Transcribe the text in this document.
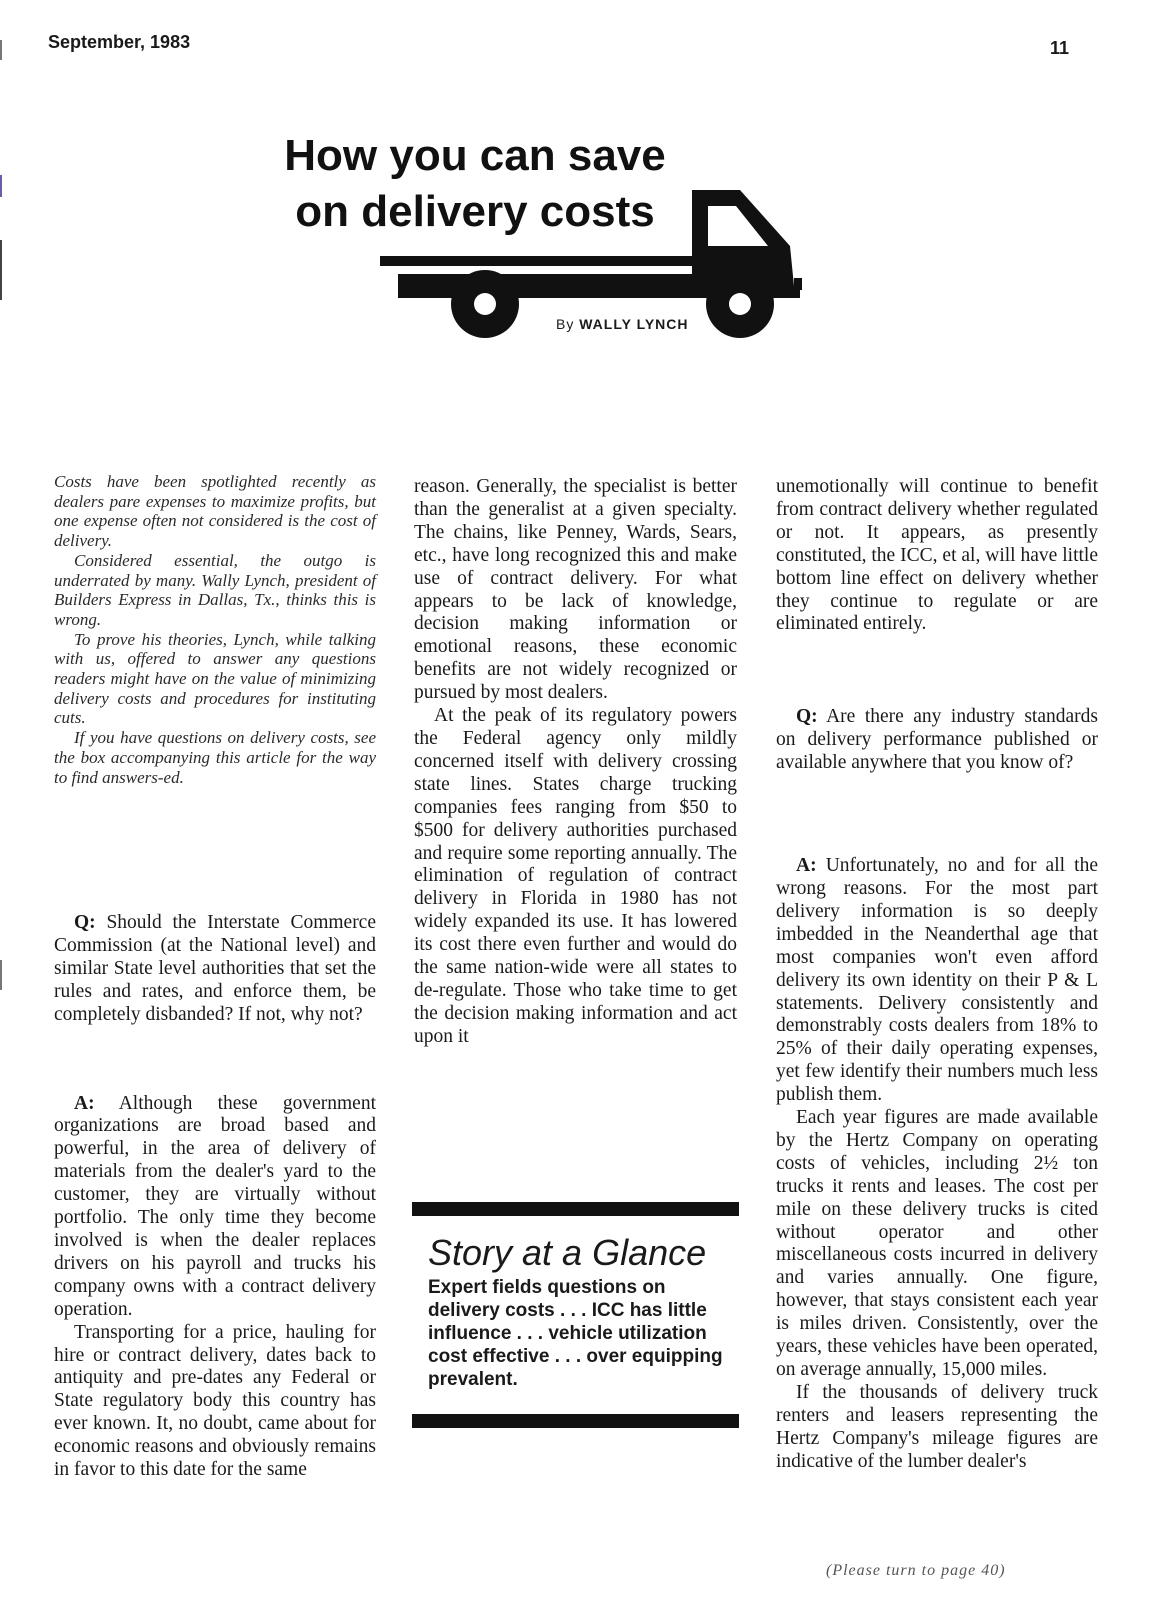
September, 1983	11
How you can save
on delivery costs
By WALLY LYNCH

Costs have been spotlighted recently as dealers pare expenses to maximize profits, but one expense often not considered is the cost of delivery.

Considered essential, the outgo is underrated by many. Wally Lynch, president of Builders Express in Dallas, Tx., thinks this is wrong.

To prove his theories, Lynch, while talking with us, offered to answer any questions readers might have on the value of minimizing delivery costs and procedures for instituting cuts.

If you have questions on delivery costs, see the box accompanying this article for the way to find answers-ed.

Q: Should the Interstate Commerce Commission (at the National level) and similar State level authorities that set the rules and rates, and enforce them, be completely disbanded? If not, why not?

A: Although these government organizations are broad based and powerful, in the area of delivery of materials from the dealer's yard to the customer, they are virtually without portfolio. The only time they become involved is when the dealer replaces drivers on his payroll and trucks his company owns with a contract delivery operation.

Transporting for a price, hauling for hire or contract delivery, dates back to antiquity and pre-dates any Federal or State regulatory body this country has ever known. It, no doubt, came about for economic reasons and obviously remains in favor to this date for the same

reason. Generally, the specialist is better than the generalist at a given specialty. The chains, like Penney, Wards, Sears, etc., have long recognized this and make use of contract delivery. For what appears to be lack of knowledge, decision making information or emotional reasons, these economic benefits are not widely recognized or pursued by most dealers.

At the peak of its regulatory powers the Federal agency only mildly concerned itself with delivery crossing state lines. States charge trucking companies fees ranging from $50 to $500 for delivery authorities purchased and require some reporting annually. The elimination of regulation of contract delivery in Florida in 1980 has not widely expanded its use. It has lowered its cost there even further and would do the same nation-wide were all states to de-regulate. Those who take time to get the decision making information and act upon it

Story at a Glance
Expert fields questions on delivery costs . . . ICC has little influence . . . vehicle utilization cost effective . . . over equipping prevalent.

unemotionally will continue to benefit from contract delivery whether regulated or not. It appears, as presently constituted, the ICC, et al, will have little bottom line effect on delivery whether they continue to regulate or are eliminated entirely.

Q: Are there any industry standards on delivery performance published or available anywhere that you know of?

A: Unfortunately, no and for all the wrong reasons. For the most part delivery information is so deeply imbedded in the Neanderthal age that most companies won't even afford delivery its own identity on their P & L statements. Delivery consistently and demonstrably costs dealers from 18% to 25% of their daily operating expenses, yet few identify their numbers much less publish them.

Each year figures are made available by the Hertz Company on operating costs of vehicles, including 2½ ton trucks it rents and leases. The cost per mile on these delivery trucks is cited without operator and other miscellaneous costs incurred in delivery and varies annually. One figure, however, that stays consistent each year is miles driven. Consistently, over the years, these vehicles have been operated, on average annually, 15,000 miles.

If the thousands of delivery truck renters and leasers representing the Hertz Company's mileage figures are indicative of the lumber dealer's

(Please turn to page 40)
